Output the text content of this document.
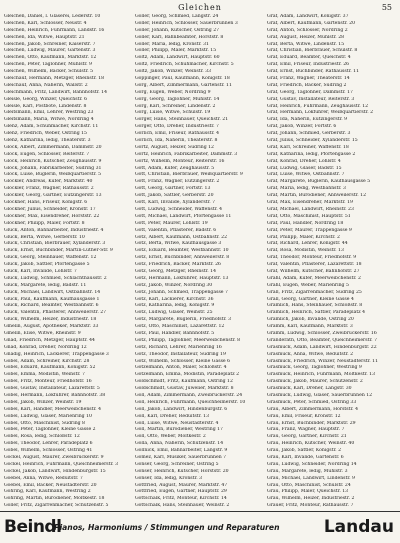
Gleichen	55
Gleichen, Daniel, l. Glaserei, Lederstr. 10
Gleichen, Karl, Schlosser, Neustr. 4
Gleichen, Heinrich, Fuhrmann, Landstr. 16
Gleichen, Ida, Witwe, Hauptstr. 21
Gleichen, Jakob, Schreiner, Kaiserstr. 7
Gleichen, Ludwig, Maurer, Gartenstr. 3
Gleichen, Otto, Kaufmann, Marktstr. 12
Gleichen, Peter, Taglöhner, Mühlstr. 9
Gleichen, Wilhelm, Bäcker, Schulstr. 5
Gleichauf, Hermann, Metzger, Rheinstr. 18
Gleichauf, Anna, Näherin, Wallstr. 2
Gleichmann, Fritz, Landwirt, Bahnhofstr. 14
Gleisle, Georg, Winzer, Queichstr. 6
Gleisle, Karl, Postbote, Lindenstr. 8
Gleitsmann, Emil, Lehrer, Westring 23
Gleitsmann, Maria, Witwe, Nordring 4
Glenz, Adam, Schuhmacher, Kirchstr. 11
Glenz, Friedrich, Weber, Ostring 15
Glenz, Katharina, ledig, Theaterstr. 3
Glock, Albert, Zimmermann, Dammstr. 20
Glock, Eugen, Schlosser, Reiterstr. 7
Glock, Heinrich, Kutscher, Zeughausstr. 9
Glock, Johann, Fabrikarbeiter, Südring 31
Glock, Luise, Büglerin, Weißquartierstr. 5
Glöckler, Andreas, Küfer, Marktstr. 40
Glöckler, Franz, Wagner, Rathausstr. 2
Glöckler, Georg, Gärtner, Eutzingerstr. 13
Glöckner, Hans, Friseur, Königstr. 6
Glöckner, Julius, Schneider, Kronstr. 17
Glöckner, Max, Eisendreher, Horststr. 22
Glöckner, Philipp, Maler, Fortstr. 8
Glück, Anton, Bahnarbeiter, Industriestr. 4
Glück, Berta, Witwe, Gerberstr. 10
Glück, Christian, Bierbrauer, Xylanderstr. 3
Glück, Ernst, Buchbinder, Martin-Luther-Str. 9
Glück, Georg, Steinhauer, Waffenstr. 12
Glück, Jakob, Sattler, Pfortengasse 5
Glück, Karl, Invalide, Löhlstr. 7
Glück, Ludwig, Schmied, Schlachthausstr. 2
Glück, Margarete, ledig, Badstr. 11
Glück, Michael, Landwirt, Ostbahnstr. 14
Glück, Paul, Kaufmann, Kaufhausgasse 1
Glück, Richard, Beamter, Westbahnstr. 6
Glück, Valentin, Pflasterer, Annweilerstr. 27
Glück, Wilhelm, Heizer, Industriestr. 18
Gmelin, August, Apotheker, Marktstr. 33
Gmelin, Elise, Witwe, Rheinstr. 9
Gnad, Friedrich, Metzger, Hauptstr. 44
Gnad, Konrad, Dreher, Nordring 12
Gnädig, Heinrich, Lackierer, Trappengasse 3
Göbel, Adam, Schreiner, Kirchstr. 28
Göbel, Eduard, Kaufmann, Königstr. 52
Göbel, Emma, Modistin, Weinstr. 7
Göbel, Fritz, Monteur, Friedhofstr. 16
Göbel, Gustav, Installateur, Lazarettstr. 5
Göbel, Hermann, Lokführer, Bahnhofstr. 38
Göbel, Jakob, Winzer, Weinstr. 19
Göbel, Karl, Händler, Meerweibchenstr. 4
Göbel, Ludwig, Glaser, Marienring 10
Göbel, Otto, Maschinist, Südring 8
Göbel, Peter, Taglöhner, Kleine Gasse 2
Göbel, Rosa, ledig, Schloßstr. 12
Göbel, Theodor, Lehrer, Paradeplatz 6
Göbel, Wilhelm, Schlosser, Ostring 41
Göckel, August, Maurer, Zweibrückerstr. 9
Göckel, Heinrich, Fuhrmann, Queichheimerstr. 3
Göckel, Jakob, Landwirt, Hindenburgstr. 15
Goebel, Anna, Witwe, Reduitstr. 7
Goebel, Emil, Bäcker, Neustadterstr. 20
Göhring, Karl, Kaufmann, Westring 2
Göhring, Martin, Bürodiener, Moltkestr. 18
Göller, Fritz, Zigarrenmacher, Schützenstr. 5
Göller, Georg, Schmied, Langstr. 24
Göller, Heinrich, Schlosser, Sauerbrunnen 3
Göller, Johann, Kutscher, Ostring 27
Göller, Karl, Bahnbeamter, Horststr. 8
Göller, Maria, ledig, Kronstr. 31
Göller, Philipp, Maler, Marktstr. 15
Göltz, Adam, Landwirt, Hauptstr. 60
Göltz, Friedrich, Schuhmacher, Kirchstr. 5
Göltz, Jakob, Winzer, Weinstr. 33
Göppinger, Paul, Kaufmann, Königstr. 18
Görg, Albert, Zimmermann, Gartenstr. 11
Görg, Eugen, Weber, Nordring 9
Görg, Georg, Taglöhner, Mühlstr. 14
Görg, Karl, Schreiner, Lindenstr. 2
Görg, Luise, Witwe, Schulstr. 19
Görger, Hans, Steinhauer, Queichstr. 21
Görger, Otto, Dreher, Industriestr. 7
Görlich, Emil, Friseur, Rathausstr. 4
Görlich, Ida, Näherin, Theaterstr. 8
Görtz, August, Heizer, Südring 12
Görtz, Heinrich, Fabrikarbeiter, Dammstr. 3
Görtz, Wilhelm, Monteur, Reiterstr. 16
Gött, Adam, Küfer, Zeughausstr. 5
Gött, Christian, Bierbrauer, Weißquartierstr. 9
Gött, Franz, Wagner, Eutzingerstr. 2
Gött, Georg, Gärtner, Fortstr. 13
Gött, Jakob, Sattler, Gerberstr. 20
Gött, Karl, Invalide, Xylanderstr. 7
Gött, Ludwig, Schneider, Waffenstr. 4
Gött, Michael, Landwirt, Pfortengasse 11
Gött, Peter, Maurer, Löhlstr. 19
Gött, Valentin, Pflasterer, Badstr. 6
Götz, Albert, Kaufmann, Ostbahnstr. 22
Götz, Berta, Witwe, Kaufhausgasse 3
Götz, Eduard, Beamter, Westbahnstr. 10
Götz, Ernst, Buchbinder, Annweilerstr. 8
Götz, Friedrich, Bäcker, Marktstr. 26
Götz, Georg, Metzger, Rheinstr. 14
Götz, Hermann, Lokführer, Hauptstr. 13
Götz, Jakob, Winzer, Nordring 30
Götz, Johann, Schmied, Trappengasse 7
Götz, Karl, Lackierer, Kirchstr. 36
Götz, Katharina, ledig, Königstr. 9
Götz, Ludwig, Glaser, Weinstr. 25
Götz, Margarete, Büglerin, Friedhofstr. 3
Götz, Otto, Maschinist, Lazarettstr. 12
Götz, Paul, Händler, Bahnhofstr. 5
Götz, Philipp, Taglöhner, Meerweibchenstr. 8
Götz, Richard, Lehrer, Marienring 16
Götz, Theodor, Installateur, Südring 19
Götz, Wilhelm, Schlosser, Kleine Gasse 6
Götzelmann, Anton, Maler, Schloßstr. 4
Götzelmann, Emma, Modistin, Paradeplatz 2
Goldschmidt, Fritz, Kaufmann, Ostring 12
Goldschmidt, Gustav, Juwelier, Marktstr. 8
Goll, Adam, Zimmermann, Zweibrückerstr. 24
Goll, Heinrich, Fuhrmann, Queichheimerstr. 10
Goll, Jakob, Landwirt, Hindenburgstr. 6
Goll, Karl, Dreher, Reduitstr. 13
Goll, Luise, Witwe, Neustadterstr. 4
Goll, Martin, Bürodiener, Westring 17
Goll, Otto, Weber, Moltkestr. 2
Golla, Anna, Näherin, Schützenstr. 14
Gollnick, Emil, Bahnarbeiter, Langstr. 9
Gómez, Karl, Musiker, Sauerbrunnen 7
Gonser, Georg, Schreiner, Ostring 5
Gonser, Heinrich, Kutscher, Horststr. 20
Gonser, Ida, ledig, Kronstr. 3
Gottfried, August, Maurer, Marktstr. 47
Gottfried, Eugen, Gärtner, Hauptstr. 29
Gottschalk, Fritz, Monteur, Kirchstr. 14
Gottschalk, Hans, Steinhauer, Weinstr. 2
Graf, Adam, Landwirt, Königstr. 37
Graf, Albert, Kaufmann, Gartenstr. 20
Graf, Anton, Schlosser, Nordring 2
Graf, August, Heizer, Mühlstr. 28
Graf, Berta, Witwe, Lindenstr. 15
Graf, Christian, Bierbrauer, Schulstr. 8
Graf, Eduard, Beamter, Queichstr. 4
Graf, Emil, Friseur, Industriestr. 26
Graf, Ernst, Buchbinder, Rathausstr. 11
Graf, Franz, Wagner, Theaterstr. 14
Graf, Friedrich, Bäcker, Südring 2
Graf, Georg, Taglöhner, Dammstr. 17
Graf, Gustav, Installateur, Reiterstr. 3
Graf, Heinrich, Fuhrmann, Zeughausstr. 12
Graf, Hermann, Lokführer, Weißquartierstr. 2
Graf, Ida, Näherin, Eutzingerstr. 9
Graf, Jakob, Winzer, Fortstr. 6
Graf, Johann, Schmied, Gerberstr. 3
Graf, Julius, Schneider, Xylanderstr. 15
Graf, Karl, Schreiner, Waffenstr. 18
Graf, Katharina, ledig, Pfortengasse 2
Graf, Konrad, Dreher, Löhlstr. 4
Graf, Ludwig, Glaser, Badstr. 15
Graf, Luise, Witwe, Ostbahnstr. 7
Graf, Margarete, Büglerin, Kaufhausgasse 5
Graf, Maria, ledig, Westbahnstr. 3
Graf, Martin, Bürodiener, Annweilerstr. 12
Graf, Max, Eisendreher, Marktstr. 19
Graf, Michael, Landwirt, Rheinstr. 23
Graf, Otto, Maschinist, Hauptstr. 51
Graf, Paul, Händler, Nordring 18
Graf, Peter, Maurer, Trappengasse 9
Graf, Philipp, Maler, Kirchstr. 2
Graf, Richard, Lehrer, Königstr. 44
Graf, Rosa, Modistin, Weinstr. 13
Graf, Theodor, Monteur, Friedhofstr. 9
Graf, Valentin, Pflasterer, Lazarettstr. 18
Graf, Wilhelm, Kutscher, Bahnhofstr. 27
Grahl, Adam, Küfer, Meerweibchenstr. 2
Grahl, Eugen, Weber, Marienring 5
Grall, Fritz, Zigarrenmacher, Südring 25
Grall, Georg, Gärtner, Kleine Gasse 4
Gramlich, Hans, Steinhauer, Schloßstr. 8
Gramlich, Heinrich, Sattler, Paradeplatz 4
Gramlich, Jakob, Invalide, Ostring 20
Gramm, Karl, Kaufmann, Marktstr. 3
Gramm, Ludwig, Schlosser, Zweibrückerstr. 16
Granderath, Otto, Beamter, Queichheimerstr. 7
Grasmück, Adam, Landwirt, Hindenburgstr. 22
Grasmück, Anna, Witwe, Reduitstr. 2
Grasmück, Friedrich, Winzer, Neustadterstr. 11
Grasmück, Georg, Taglöhner, Westring 9
Grasmück, Heinrich, Fuhrmann, Moltkestr. 13
Grasmück, Jakob, Maurer, Schützenstr. 2
Grasmück, Karl, Dreher, Langstr. 30
Grasmück, Ludwig, Glaser, Sauerbrunnen 12
Grasmück, Peter, Schmied, Ostring 33
Grau, Albert, Zimmermann, Horststr. 4
Grau, Emil, Friseur, Kronstr. 12
Grau, Ernst, Buchbinder, Marktstr. 29
Grau, Franz, Wagner, Hauptstr. 7
Grau, Georg, Gärtner, Kirchstr. 21
Grau, Heinrich, Kutscher, Weinstr. 40
Grau, Jakob, Sattler, Königstr. 2
Grau, Karl, Invalide, Gartenstr. 6
Grau, Ludwig, Schneider, Nordring 14
Grau, Margarete, ledig, Mühlstr. 3
Grau, Michael, Landwirt, Lindenstr. 9
Grau, Otto, Maschinist, Schulstr. 24
Grau, Philipp, Maler, Queichstr. 13
Grau, Wilhelm, Heizer, Industriestr. 2
Grauer, Fritz, Monteur, Rathausstr. 7
Beindl
Pianos, Harmoniums / Stimmungen und Reparaturen	Landau
